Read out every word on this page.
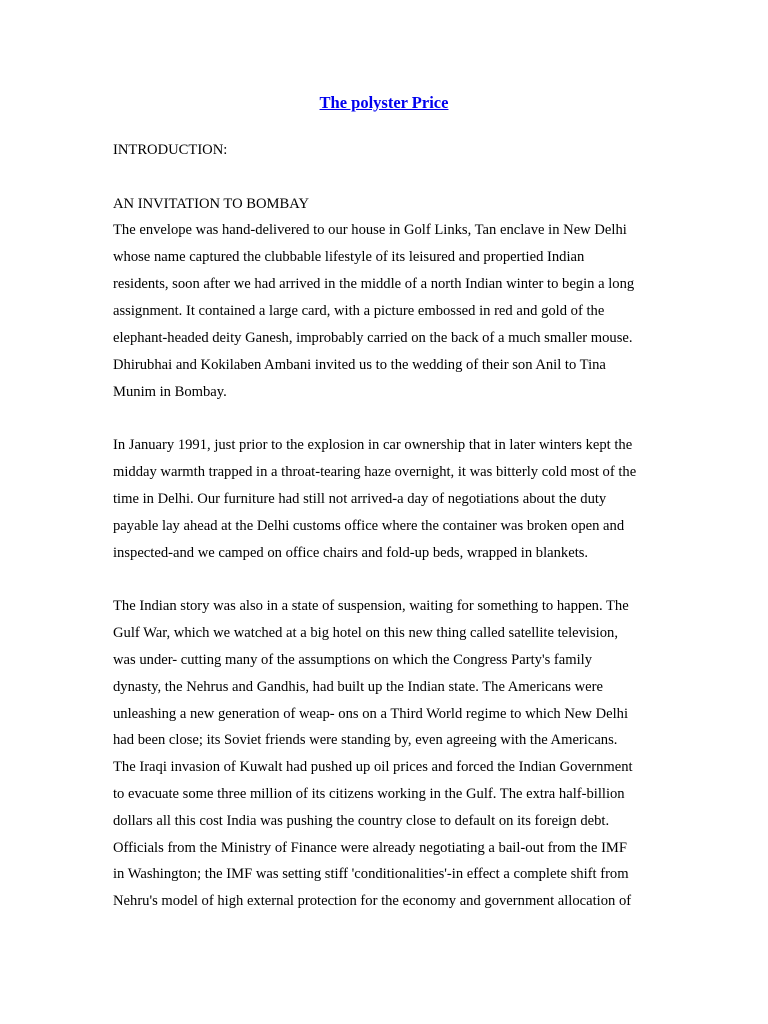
The polyster Price
INTRODUCTION:
AN INVITATION TO BOMBAY
The envelope was hand-delivered to our house in Golf Links, Tan enclave in New Delhi
whose name captured the clubbable lifestyle of its leisured and propertied Indian
residents, soon after we had arrived in the middle of a north Indian winter to begin a long
assignment. It contained a large card, with a picture embossed in red and gold of the
elephant-headed deity Ganesh, improbably carried on the back of a much smaller mouse.
Dhirubhai and Kokilaben Ambani invited us to the wedding of their son Anil to Tina
Munim in Bombay.
In January 1991, just prior to the explosion in car ownership that in later winters kept the
midday warmth trapped in a throat-tearing haze overnight, it was bitterly cold most of the
time in Delhi. Our furniture had still not arrived-a day of negotiations about the duty
payable lay ahead at the Delhi customs office where the container was broken open and
inspected-and we camped on office chairs and fold-up beds, wrapped in blankets.
The Indian story was also in a state of suspension, waiting for something to happen. The
Gulf War, which we watched at a big hotel on this new thing called satellite television,
was under- cutting many of the assumptions on which the Congress Party's family
dynasty, the Nehrus and Gandhis, had built up the Indian state. The Americans were
unleashing a new generation of weap- ons on a Third World regime to which New Delhi
had been close; its Soviet friends were standing by, even agreeing with the Americans.
The Iraqi invasion of Kuwalt had pushed up oil prices and forced the Indian Government
to evacuate some three million of its citizens working in the Gulf. The extra half-billion
dollars all this cost India was pushing the country close to default on its foreign debt.
Officials from the Ministry of Finance were already negotiating a bail-out from the IMF
in Washington; the IMF was setting stiff 'conditionalities'-in effect a complete shift from
Nehru's model of high external protection for the economy and government allocation of
